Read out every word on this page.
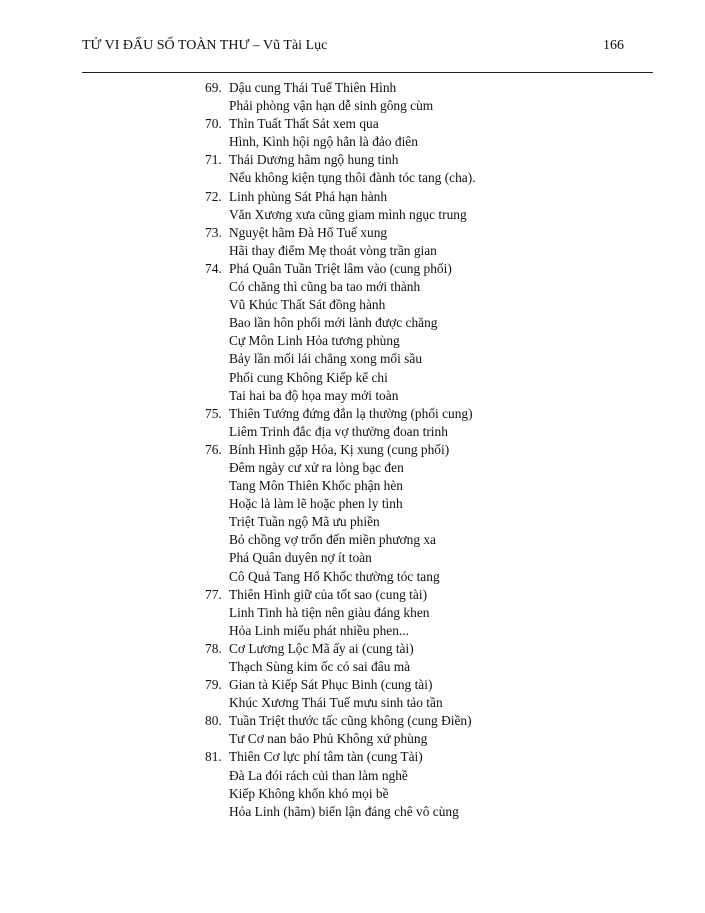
TỬ VI ĐẨU SỐ TOÀN THƯ – Vũ Tài Lục	166
69. Dậu cung Thái Tuế Thiên Hình
Phải phòng vận hạn dễ sinh gông cùm
70. Thìn Tuất Thất Sát xem qua
Hình, Kình hội ngộ hẳn là đảo điên
71. Thái Dương hãm ngộ hung tinh
Nếu không kiện tụng thôi đành tóc tang (cha).
72. Linh phùng Sát Phá hạn hành
Văn Xương xưa cũng giam mình ngục trung
73. Nguyệt hãm Đà Hổ Tuế xung
Hãi thay điểm Mẹ thoát vòng trần gian
74. Phá Quân Tuần Triệt lâm vào (cung phối)
Có chăng thì cũng ba tao mới thành
Vũ Khúc Thất Sát đồng hành
Bao lần hôn phối mới lành được chăng
Cự Môn Linh Hỏa tương phùng
Bảy lần mối lái chẳng xong mối sầu
Phối cung Không Kiếp kể chi
Tai hai ba độ họa may mới toàn
75. Thiên Tướng đứng đắn lạ thường (phối cung)
Liêm Trinh đắc địa vợ thường đoan trinh
76. Bính Hình gặp Hỏa, Kị xung (cung phối)
Đêm ngày cư xử ra lòng bạc đen
Tang Môn Thiên Khốc phận hèn
Hoặc là làm lẽ hoặc phen ly tình
Triệt Tuần ngộ Mã ưu phiền
Bỏ chồng vợ trốn đến miền phương xa
Phá Quân duyên nợ ít toàn
Cô Quả Tang Hổ Khốc thường tóc tang
77. Thiên Hình giữ của tốt sao (cung tài)
Linh Tinh hà tiện nên giàu đáng khen
Hỏa Linh miếu phát nhiều phen...
78. Cơ Lương Lộc Mã ấy ai (cung tài)
Thạch Sùng kim ốc có sai đâu mà
79. Gian tà Kiếp Sát Phục Binh (cung tài)
Khúc Xương Thái Tuế mưu sinh tảo tần
80. Tuần Triệt thước tấc cũng không (cung Điền)
Tư Cơ nan bảo Phủ Không xứ phùng
81. Thiên Cơ lực phí tâm tàn (cung Tài)
Đà La đói rách củi than làm nghề
Kiếp Không khốn khó mọi bề
Hỏa Linh (hãm) biển lận đáng chê vô cùng
